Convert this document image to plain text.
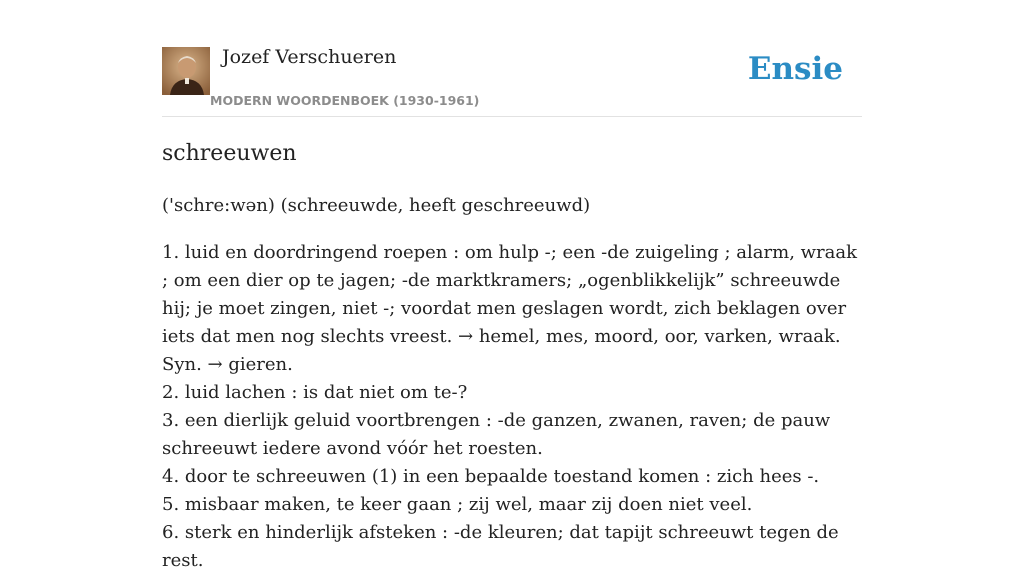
Jozef Verschueren
MODERN WOORDENBOEK (1930-1961)
Ensie
schreeuwen
('schre:wən) (schreeuwde, heeft geschreeuwd)

1. luid en doordringend roepen : om hulp -; een -de zuigeling ; alarm, wraak ; om een dier op te jagen; -de marktkramers; „ogenblikkelijk” schreeuwde hij; je moet zingen, niet -; voordat men geslagen wordt, zich beklagen over iets dat men nog slechts vreest. → hemel, mes, moord, oor, varken, wraak. Syn. → gieren.

2. luid lachen : is dat niet om te-?

3. een dierlijk geluid voortbrengen : -de ganzen, zwanen, raven; de pauw schreeuwt iedere avond vóór het roesten.

4. door te schreeuwen (1) in een bepaalde toestand komen : zich hees -.

5. misbaar maken, te keer gaan ; zij wel, maar zij doen niet veel.

6. sterk en hinderlijk afsteken : -de kleuren; dat tapijt schreeuwt tegen de rest.
